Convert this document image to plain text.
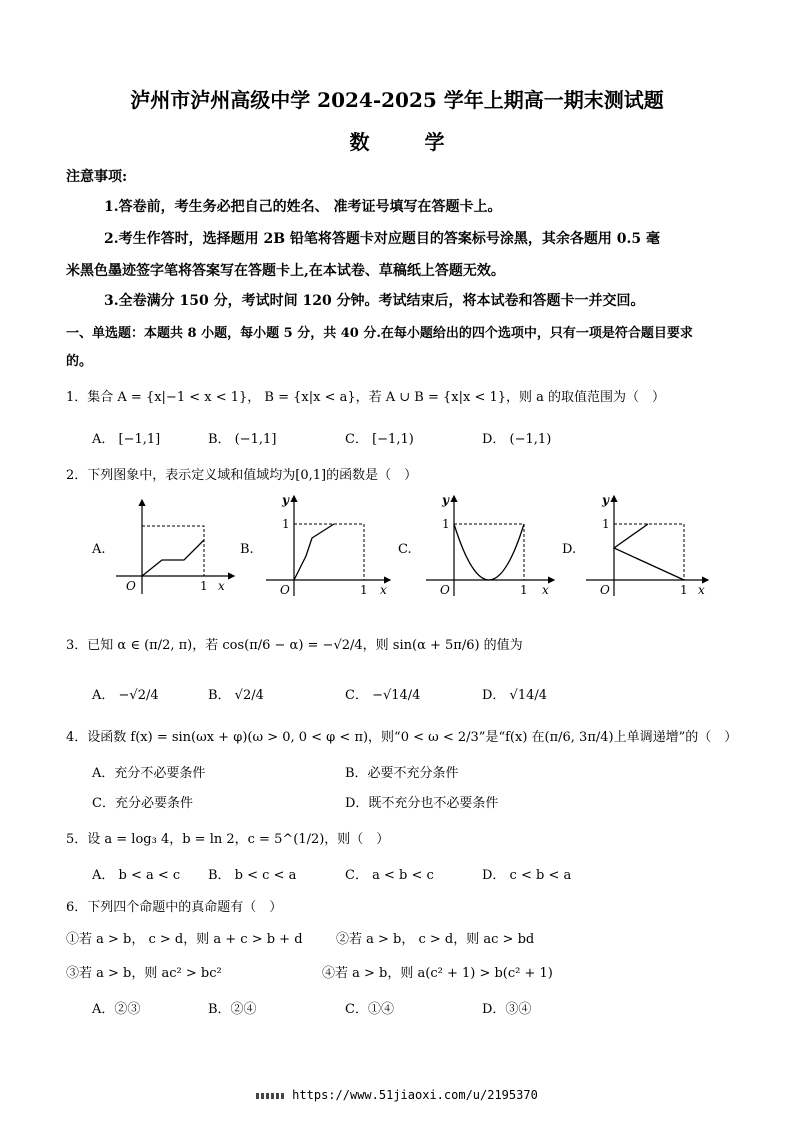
泸州市泸州高级中学 2024-2025 学年上期高一期末测试题
数 学
注意事项:
1.答卷前，考生务必把自己的姓名、 准考证号填写在答题卡上。
2.考生作答时，选择题用 2B 铅笔将答题卡对应题目的答案标号涂黑，其余各题用 0.5 毫
米黑色墨迹签字笔将答案写在答题卡上,在本试卷、草稿纸上答题无效。
3.全卷满分 150 分，考试时间 120 分钟。考试结束后，将本试卷和答题卡一并交回。
一、单选题：本题共 8 小题，每小题 5 分，共 40 分.在每小题给出的四个选项中，只有一项是符合题目要求
的。
1．集合 A = {x|−1 < x < 1}， B = {x|x < a}，若 A ∪ B = {x|x < 1}，则 a 的取值范围为（　）
A． [−1,1]	B． (−1,1]	C． [−1,1)	D． (−1,1)
2．下列图象中，表示定义域和值域均为[0,1]的函数是（　）
A.
O	1 x
B.
y
1
O	1 x
C.
y
1
O	1 x
D.
y
1
O	1 x
3．已知 α ∈ (π/2, π)，若 cos(π/6 − α) = −√2/4，则 sin(α + 5π/6) 的值为
A． −√2/4	B． √2/4	C． −√14/4	D． √14/4
4．设函数 f(x) = sin(ωx + φ)(ω > 0, 0 < φ < π)，则“0 < ω < 2/3”是“f(x) 在(π/6, 3π/4)上单调递增”的（　）
A．充分不必要条件	B．必要不充分条件
C．充分必要条件	D．既不充分也不必要条件
5．设 a = log₃ 4，b = ln 2，c = 5^(1/2)，则（　）
A． b < a < c B． b < c < a	C． a < b < c	D． c < b < a
6．下列四个命题中的真命题有（　）
①若 a > b， c > d，则 a + c > b + d	②若 a > b， c > d，则 ac > bd
③若 a > b，则 ac² > bc²	④若 a > b，则 a(c² + 1) > b(c² + 1)
A．②③	B．②④	C．①④	D．③④
https://www.51jiaoxi.com/u/2195370
